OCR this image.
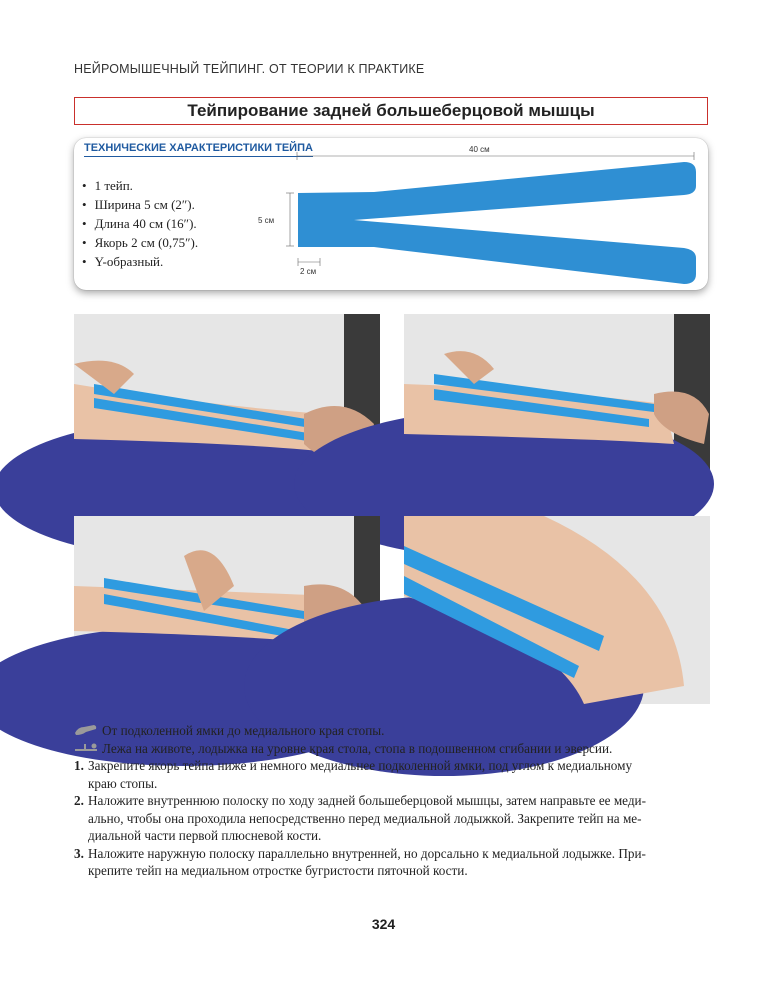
НЕЙРОМЫШЕЧНЫЙ ТЕЙПИНГ. ОТ ТЕОРИИ К ПРАКТИКЕ
Тейпирование задней большеберцовой мышцы
ТЕХНИЧЕСКИЕ ХАРАКТЕРИСТИКИ ТЕЙПА
• 1 тейп.
• Ширина 5 см (2″).
• Длина 40 см (16″).
• Якорь 2 см (0,75″).
• Y-образный.
40 см
5 см
2 см
От подколенной ямки до медиального края стопы.
Лежа на животе, лодыжка на уровне края стола, стопа в подошвенном сгибании и эверсии.
1. Закрепите якорь тейпа ниже и немного медиальнее подколенной ямки, под углом к медиальному
краю стопы.
2. Наложите внутреннюю полоску по ходу задней большеберцовой мышцы, затем направьте ее меди-
ально, чтобы она проходила непосредственно перед медиальной лодыжкой. Закрепите тейп на ме-
диальной части первой плюсневой кости.
3. Наложите наружную полоску параллельно внутренней, но дорсально к медиальной лодыжке. При-
крепите тейп на медиальном отростке бугристости пяточной кости.
324
